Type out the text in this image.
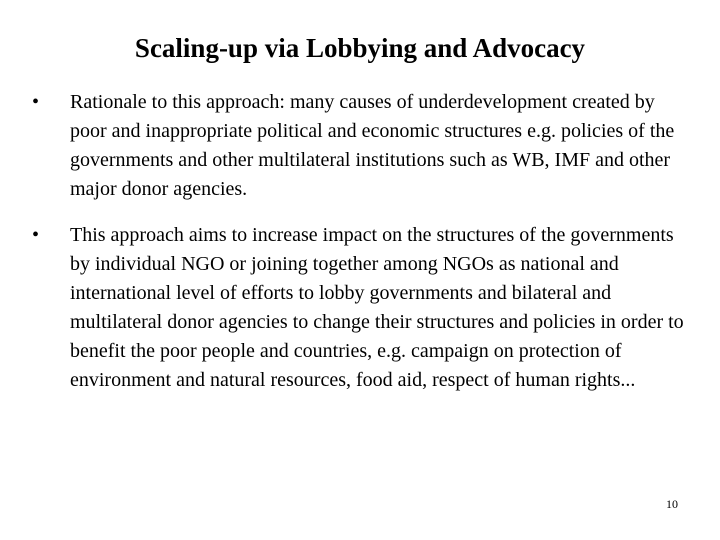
Scaling-up via Lobbying and Advocacy
•	Rationale to this approach: many causes of underdevelopment created by poor and inappropriate political and economic structures e.g. policies of the governments and other multilateral institutions such as WB, IMF and other major donor agencies.
•	This approach aims to increase impact on the structures of the governments by individual NGO or joining together among NGOs as national and international level of efforts to lobby governments and bilateral and multilateral donor agencies to change their structures and policies in order to benefit the poor people and countries, e.g. campaign on protection of environment and natural resources, food aid, respect of human rights...
10
